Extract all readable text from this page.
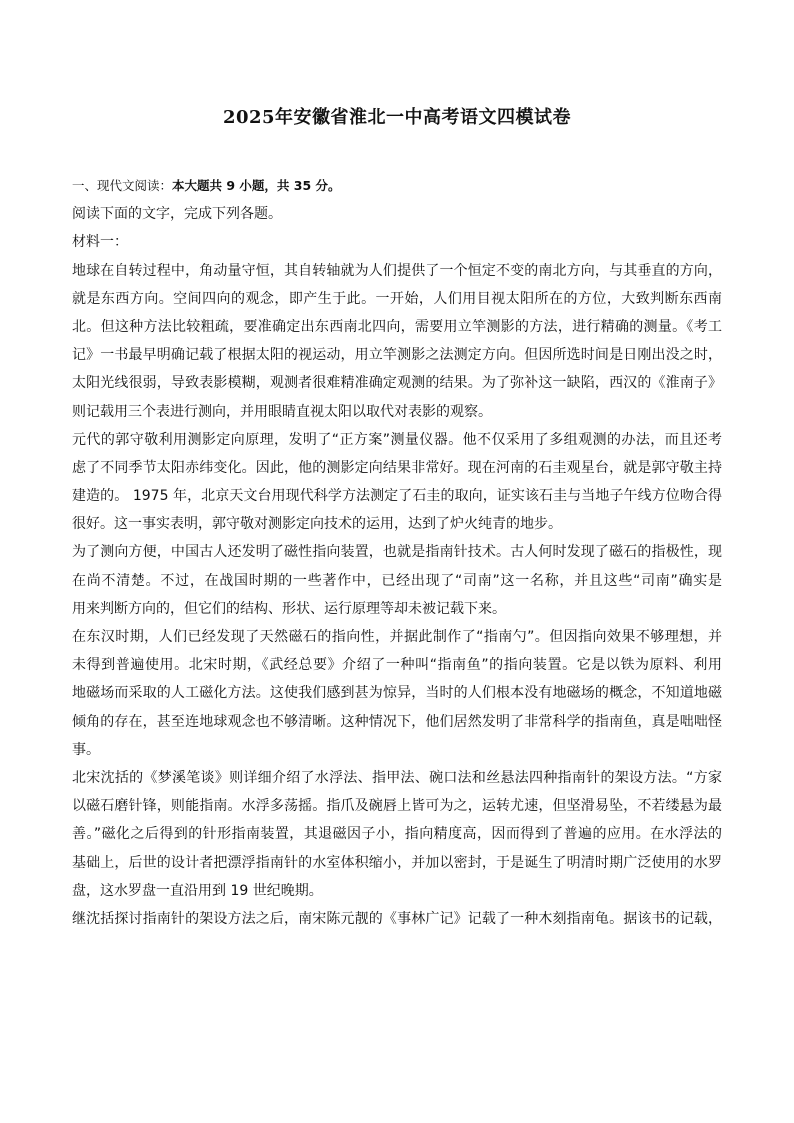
2025年安徽省淮北一中高考语文四模试卷
一、现代文阅读：本大题共 9 小题，共 35 分。
阅读下面的文字，完成下列各题。
材料一：
地球在自转过程中，角动量守恒，其自转轴就为人们提供了一个恒定不变的南北方向，与其垂直的方向，
就是东西方向。空间四向的观念，即产生于此。一开始，人们用目视太阳所在的方位，大致判断东西南
北。但这种方法比较粗疏，要准确定出东西南北四向，需要用立竿测影的方法，进行精确的测量。《考工
记》一书最早明确记载了根据太阳的视运动，用立竿测影之法测定方向。但因所选时间是日刚出没之时，
太阳光线很弱，导致表影模糊，观测者很难精准确定观测的结果。为了弥补这一缺陷，西汉的《淮南子》
则记载用三个表进行测向，并用眼睛直视太阳以取代对表影的观察。
元代的郭守敬利用测影定向原理，发明了“正方案”测量仪器。他不仅采用了多组观测的办法，而且还考
虑了不同季节太阳赤纬变化。因此，他的测影定向结果非常好。现在河南的石圭观星台，就是郭守敬主持
建造的。 1975 年，北京天文台用现代科学方法测定了石圭的取向，证实该石圭与当地子午线方位吻合得
很好。这一事实表明，郭守敬对测影定向技术的运用，达到了炉火纯青的地步。
为了测向方便，中国古人还发明了磁性指向装置，也就是指南针技术。古人何时发现了磁石的指极性，现
在尚不清楚。不过，在战国时期的一些著作中，已经出现了“司南”这一名称，并且这些“司南”确实是
用来判断方向的，但它们的结构、形状、运行原理等却未被记载下来。
在东汉时期，人们已经发现了天然磁石的指向性，并据此制作了“指南勺”。但因指向效果不够理想，并
未得到普遍使用。北宋时期，《武经总要》介绍了一种叫“指南鱼”的指向装置。它是以铁为原料、利用
地磁场而采取的人工磁化方法。这使我们感到甚为惊异，当时的人们根本没有地磁场的概念，不知道地磁
倾角的存在，甚至连地球观念也不够清晰。这种情况下，他们居然发明了非常科学的指南鱼，真是咄咄怪
事。
北宋沈括的《梦溪笔谈》则详细介绍了水浮法、指甲法、碗口法和丝悬法四种指南针的架设方法。“方家
以磁石磨针锋，则能指南。水浮多荡摇。指爪及碗唇上皆可为之，运转尤速，但坚滑易坠，不若缕悬为最
善。”磁化之后得到的针形指南装置，其退磁因子小，指向精度高，因而得到了普遍的应用。在水浮法的
基础上，后世的设计者把漂浮指南针的水室体积缩小，并加以密封，于是诞生了明清时期广泛使用的水罗
盘，这水罗盘一直沿用到 19 世纪晚期。
继沈括探讨指南针的架设方法之后，南宋陈元靓的《事林广记》记载了一种木刻指南龟。据该书的记载，
